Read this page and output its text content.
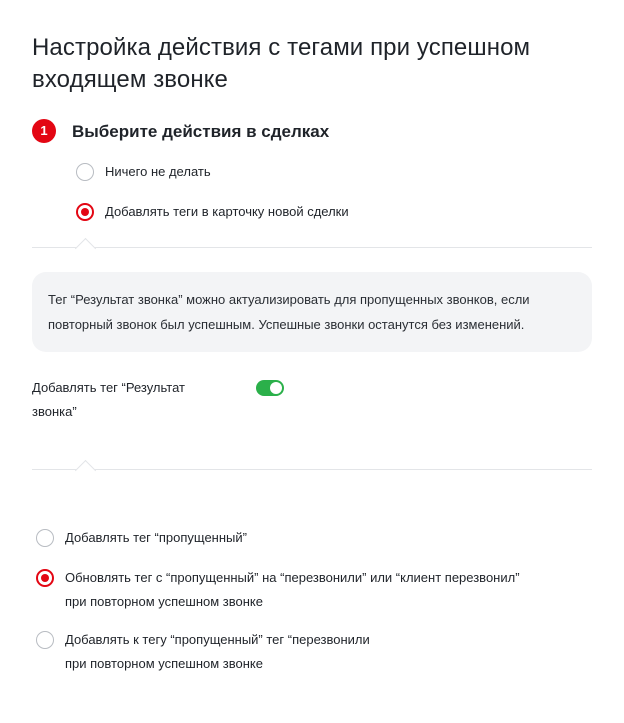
Настройка действия с тегами при успешном входящем звонке
1	Выберите действия в сделках
Ничего не делать
Добавлять теги в карточку новой сделки

Тег “Результат звонка” можно актуализировать для пропущенных звонков, если повторный звонок был успешным. Успешные звонки останутся без изменений.

Добавлять тег “Результат звонка”
Добавлять тег “пропущенный”
Обновлять тег с “пропущенный” на “перезвонили” или “клиент перезвонил”
при повторном успешном звонке
Добавлять к тегу “пропущенный” тег “перезвонили
при повторном успешном звонке
